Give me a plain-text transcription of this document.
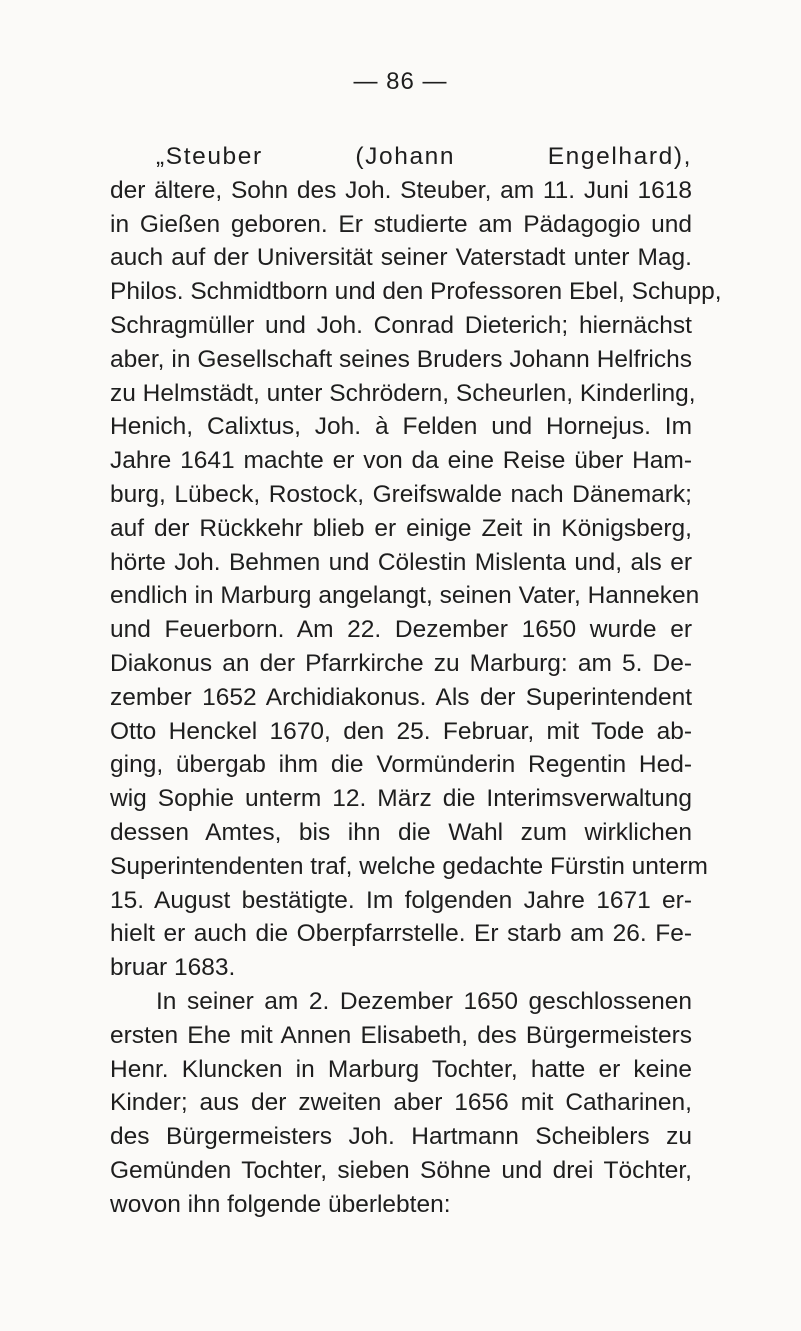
— 86 —
„Steuber (Johann Engelhard),
der ältere, Sohn des Joh. Steuber, am 11. Juni 1618
in Gießen geboren. Er studierte am Pädagogio und
auch auf der Universität seiner Vaterstadt unter Mag.
Philos. Schmidtborn und den Professoren Ebel, Schupp,
Schragmüller und Joh. Conrad Dieterich; hiernächst
aber, in Gesellschaft seines Bruders Johann Helfrichs
zu Helmstädt, unter Schrödern, Scheurlen, Kinderling,
Henich, Calixtus, Joh. à Felden und Hornejus. Im
Jahre 1641 machte er von da eine Reise über Ham-
burg, Lübeck, Rostock, Greifswalde nach Dänemark;
auf der Rückkehr blieb er einige Zeit in Königsberg,
hörte Joh. Behmen und Cölestin Mislenta und, als er
endlich in Marburg angelangt, seinen Vater, Hanneken
und Feuerborn. Am 22. Dezember 1650 wurde er
Diakonus an der Pfarrkirche zu Marburg: am 5. De-
zember 1652 Archidiakonus. Als der Superintendent
Otto Henckel 1670, den 25. Februar, mit Tode ab-
ging, übergab ihm die Vormünderin Regentin Hed-
wig Sophie unterm 12. März die Interimsverwaltung
dessen Amtes, bis ihn die Wahl zum wirklichen
Superintendenten traf, welche gedachte Fürstin unterm
15. August bestätigte. Im folgenden Jahre 1671 er-
hielt er auch die Oberpfarrstelle. Er starb am 26. Fe-
bruar 1683.
In seiner am 2. Dezember 1650 geschlossenen
ersten Ehe mit Annen Elisabeth, des Bürgermeisters
Henr. Kluncken in Marburg Tochter, hatte er keine
Kinder; aus der zweiten aber 1656 mit Catharinen,
des Bürgermeisters Joh. Hartmann Scheiblers zu
Gemünden Tochter, sieben Söhne und drei Töchter,
wovon ihn folgende überlebten:
